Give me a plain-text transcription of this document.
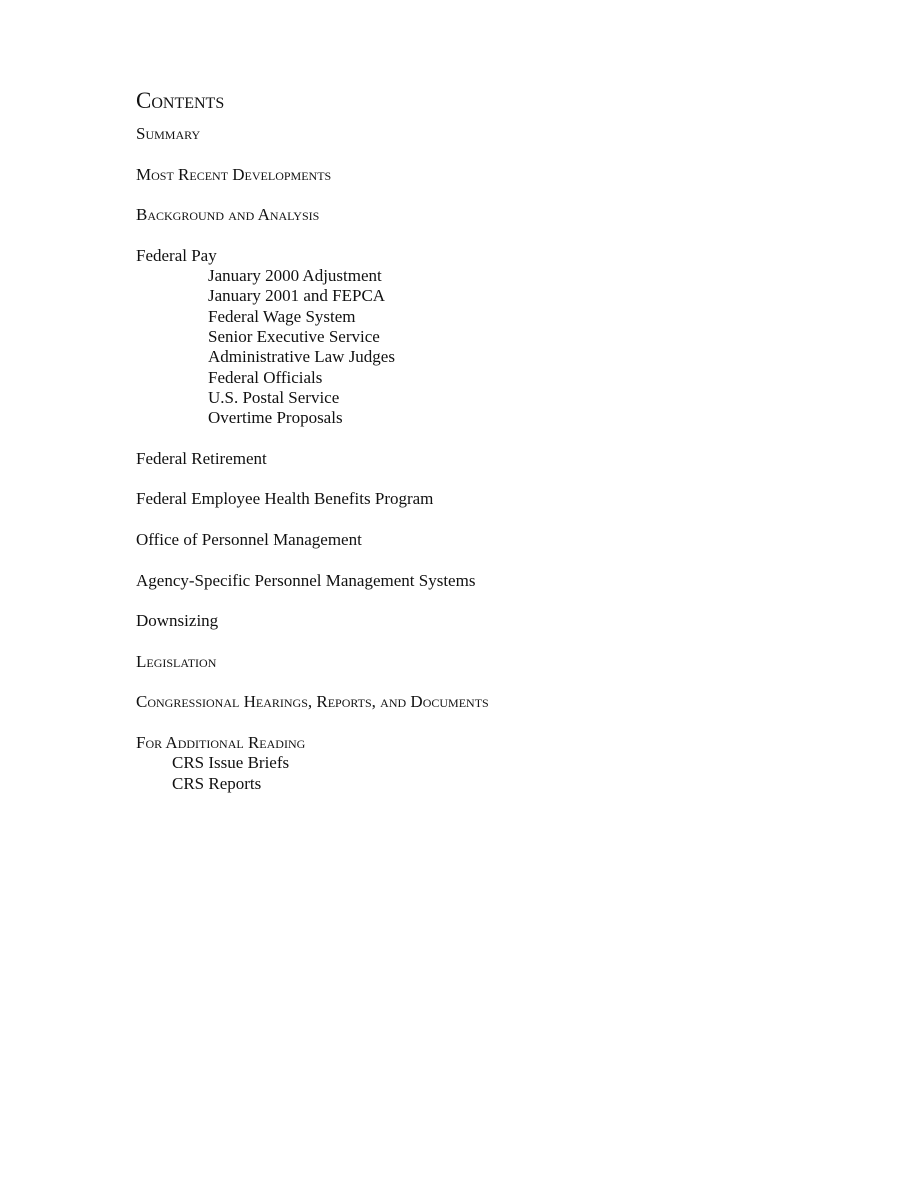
Contents
Summary
Most Recent Developments
Background and Analysis
Federal Pay
January 2000 Adjustment
January 2001 and FEPCA
Federal Wage System
Senior Executive Service
Administrative Law Judges
Federal Officials
U.S. Postal Service
Overtime Proposals
Federal Retirement
Federal Employee Health Benefits Program
Office of Personnel Management
Agency-Specific Personnel Management Systems
Downsizing
Legislation
Congressional Hearings, Reports, and Documents
For Additional Reading
CRS Issue Briefs
CRS Reports
